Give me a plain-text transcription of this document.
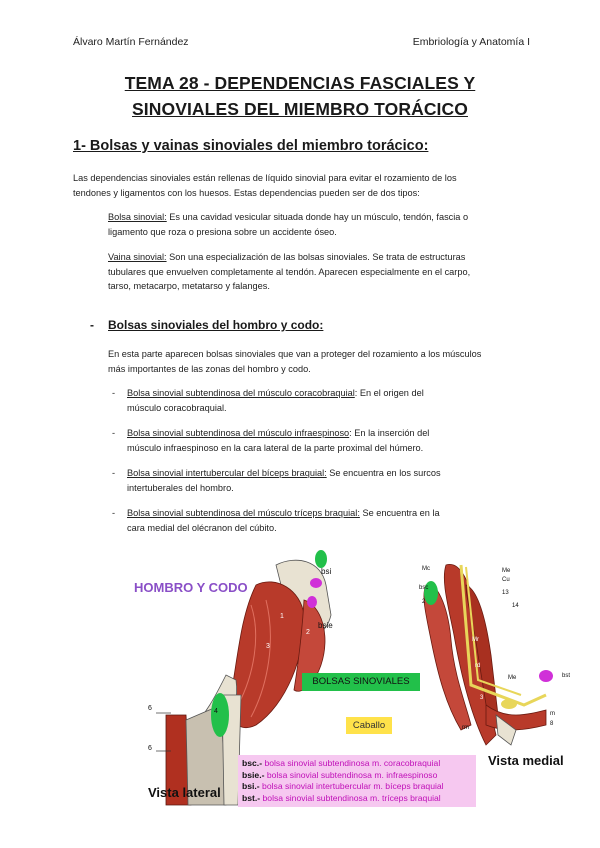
Álvaro Martín Fernández	Embriología y Anatomía I
TEMA 28 - DEPENDENCIAS FASCIALES Y
SINOVIALES DEL MIEMBRO TORÁCICO
1- Bolsas y vainas sinoviales del miembro torácico:
Las dependencias sinoviales están rellenas de líquido sinovial para evitar el rozamiento de los
tendones y ligamentos con los huesos. Estas dependencias pueden ser de dos tipos:
Bolsa sinovial: Es una cavidad vesicular situada donde hay un músculo, tendón, fascia o
ligamento que roza o presiona sobre un accidente óseo.
Vaina sinovial: Son una especialización de las bolsas sinoviales. Se trata de estructuras
tubulares que envuelven completamente al tendón. Aparecen especialmente en el carpo,
tarso, metacarpo, metatarso y falanges.
- Bolsas sinoviales del hombro y codo:
En esta parte aparecen bolsas sinoviales que van a proteger del rozamiento a los músculos
más importantes de las zonas del hombro y codo.
- Bolsa sinovial subtendinosa del músculo coracobraquial: En el origen del
músculo coracobraquial.
- Bolsa sinovial subtendinosa del músculo infraespinoso: En la inserción del
músculo infraespinoso en la cara lateral de la parte proximal del húmero.
- Bolsa sinovial intertubercular del bíceps braquial: Se encuentra en los surcos
intertuberales del hombro.
- Bolsa sinovial subtendinosa del músculo tríceps braquial: Se encuentra en la
cara medial del olécranon del cúbito.
HOMBRO Y CODO
BOLSAS SINOVIALES
Caballo
Vista lateral
Vista medial
bsi
bsie
1
2
3
6
6
4
Mc
bsc
2
Cu
13
14
Me
Mr
rd
3
Me	bst
rm
m
8
bsc.- bolsa sinovial subtendinosa m. coracobraquial
bsie.- bolsa sinovial subtendinosa m. infraespinoso
bsi.- bolsa sinovial intertubercular m. bíceps braquial
bst.- bolsa sinovial subtendinosa m. tríceps braquial
